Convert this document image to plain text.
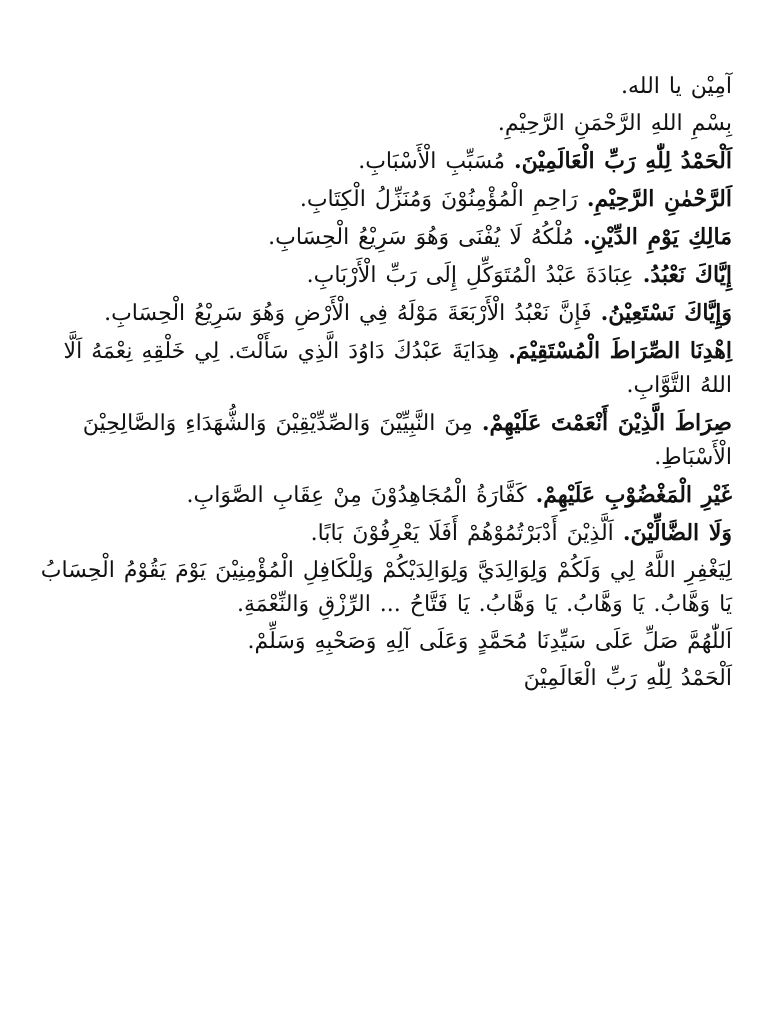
آمِيْن يا الله.

بِسْمِ اللهِ الرَّحْمَنِ الرَّحِيْمِ.

اَلْحَمْدُ لِلّٰهِ رَبِّ الْعَالَمِيْنَ. مُسَبِّبِ الْأَسْبَابِ.

اَلرَّحْمٰنِ الرَّحِيْمِ. رَاحِمِ الْمُؤْمِنُوْنَ وَمُنَزِّلُ الْكِتَابِ.

مَالِكِ يَوْمِ الدِّيْنِ. مُلْكُهُ لَا يُفْنَى وَهُوَ سَرِيْعُ الْحِسَابِ.

إِيَّاكَ نَعْبُدُ. عِبَادَةَ عَبْدُ الْمُتَوَكِّلِ إِلَى رَبِّ الْأَرْبَابِ.

وَإِيَّاكَ نَسْتَعِيْنُ. فَإِنَّ نَعْبُدُ الْأَرْبَعَةَ مَوْلَهُ فِي الْأَرْضِ وَهُوَ سَرِيْعُ الْحِسَابِ.

اِهْدِنَا الصِّرَاطَ الْمُسْتَقِيْمَ. هِدَايَةَ عَبْدُكَ دَاوُدَ الَّذِي سَأَلْتَ. لِي خَلْقِهِ نِعْمَهُ اَلَّا اللهُ التَّوَّابِ.

صِرَاطَ الَّذِيْنَ أَنْعَمْتَ عَلَيْهِمْ. مِنَ النَّبِيِّيْنَ وَالصِّدِّيْقِيْنَ وَالشُّهَدَاءِ وَالصَّالِحِيْنَ الْأَسْبَاطِ.

غَيْرِ الْمَغْضُوْبِ عَلَيْهِمْ. كَفَّارَةُ الْمُجَاهِدُوْنَ مِنْ عِقَابِ الصَّوَابِ.

وَلَا الضَّالِّيْنَ. اَلَّذِيْنَ أَدْبَرْتُمُوْهُمْ أَفَلَا يَعْرِفُوْنَ بَابًا.

لِيَغْفِرِ اللَّهُ لِي وَلَكُمْ وَلِوَالِدَيَّ وَلِوَالِدَيْكُمْ وَلِلْكَافِلِ الْمُؤْمِنِيْنَ يَوْمَ يَقُوْمُ الْحِسَابُ يَا وَهَّابُ. يَا وَهَّابُ. يَا وَهَّابُ. يَا فَتَّاحُ ... الرِّزْقِ وَالنِّعْمَةِ.

اَللّٰهُمَّ صَلِّ عَلَى سَيِّدِنَا مُحَمَّدٍ وَعَلَى آلِهِ وَصَحْبِهِ وَسَلِّمْ.

اَلْحَمْدُ لِلّٰهِ رَبِّ الْعَالَمِيْنَ
